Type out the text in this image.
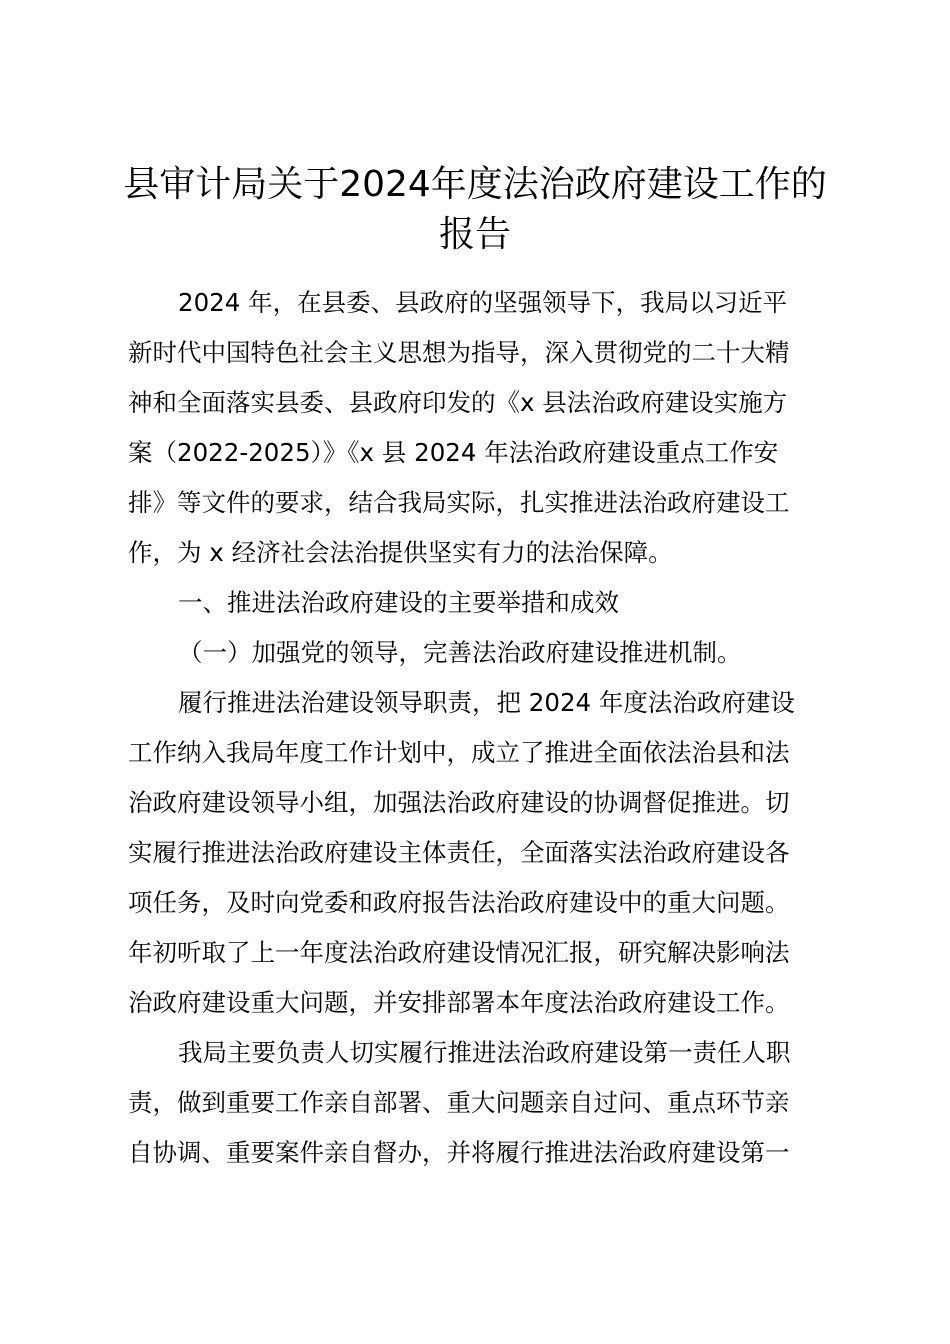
县审计局关于2024年度法治政府建设工作的
报告
2024 年，在县委、县政府的坚强领导下，我局以习近平
新时代中国特色社会主义思想为指导，深入贯彻党的二十大精
神和全面落实县委、县政府印发的《x 县法治政府建设实施方
案（2022-2025）》《x 县 2024 年法治政府建设重点工作安
排》等文件的要求，结合我局实际，扎实推进法治政府建设工
作，为 x 经济社会法治提供坚实有力的法治保障。
一、推进法治政府建设的主要举措和成效
（一）加强党的领导，完善法治政府建设推进机制。
履行推进法治建设领导职责，把 2024 年度法治政府建设
工作纳入我局年度工作计划中，成立了推进全面依法治县和法
治政府建设领导小组，加强法治政府建设的协调督促推进。切
实履行推进法治政府建设主体责任，全面落实法治政府建设各
项任务，及时向党委和政府报告法治政府建设中的重大问题。
年初听取了上一年度法治政府建设情况汇报，研究解决影响法
治政府建设重大问题，并安排部署本年度法治政府建设工作。
我局主要负责人切实履行推进法治政府建设第一责任人职
责，做到重要工作亲自部署、重大问题亲自过问、重点环节亲
自协调、重要案件亲自督办，并将履行推进法治政府建设第一
